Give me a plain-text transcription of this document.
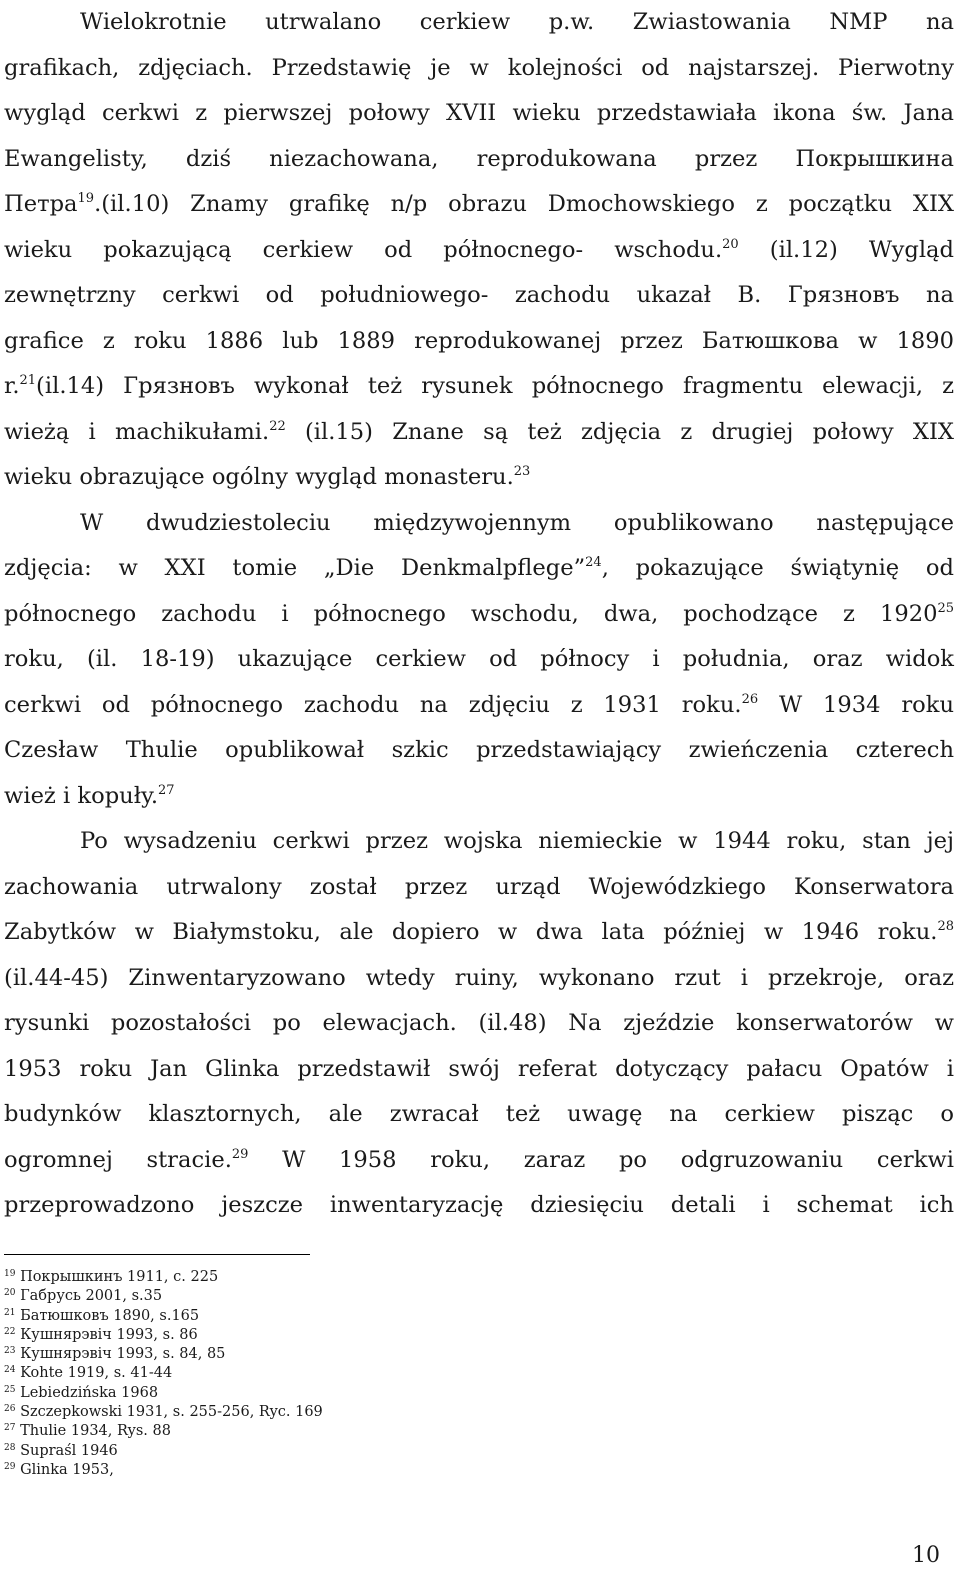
Wielokrotnie utrwalano cerkiew p.w. Zwiastowania NMP na
grafikach, zdjęciach. Przedstawię je w kolejności od najstarszej. Pierwotny
wygląd cerkwi z pierwszej połowy XVII wieku przedstawiała ikona św. Jana
Ewangelisty, dziś niezachowana, reprodukowana przez Покрышкина
Петра$^{19}$.(il.10) Znamy grafikę n/p obrazu Dmochowskiego z początku XIX
wieku pokazującą cerkiew od północnego- wschodu.$^{20}$ (il.12) Wygląd
zewnętrzny cerkwi od południowego- zachodu ukazał В. Грязновъ na
grafice z roku 1886 lub 1889 reprodukowanej przez Батюшкова w 1890
r.$^{21}$(il.14) Грязновъ wykonał też rysunek północnego fragmentu elewacji, z
wieżą i machikułami.$^{22}$ (il.15) Znane są też zdjęcia z drugiej połowy XIX
wieku obrazujące ogólny wygląd monasteru.$^{23}$
W dwudziestoleciu międzywojennym opublikowano następujące
zdjęcia: w XXI tomie „Die Denkmalpflege”$^{24}$, pokazujące świątynię od
północnego zachodu i północnego wschodu, dwa, pochodzące z 1920$^{25}$
roku, (il. 18-19) ukazujące cerkiew od północy i południa, oraz widok
cerkwi od północnego zachodu na zdjęciu z 1931 roku.$^{26}$ W 1934 roku
Czesław Thulie opublikował szkic przedstawiający zwieńczenia czterech
wież i kopuły.$^{27}$
Po wysadzeniu cerkwi przez wojska niemieckie w 1944 roku, stan jej
zachowania utrwalony został przez urząd Wojewódzkiego Konserwatora
Zabytków w Białymstoku, ale dopiero w dwa lata później w 1946 roku.$^{28}$
(il.44-45) Zinwentaryzowano wtedy ruiny, wykonano rzut i przekroje, oraz
rysunki pozostałości po elewacjach. (il.48) Na zjeździe konserwatorów w
1953 roku Jan Glinka przedstawił swój referat dotyczący pałacu Opatów i
budynków klasztornych, ale zwracał też uwagę na cerkiew pisząc o
ogromnej stracie.$^{29}$ W 1958 roku, zaraz po odgruzowaniu cerkwi
przeprowadzono jeszcze inwentaryzację dziesięciu detali i schemat ich
$^{19}$ Покрышкинъ 1911, c. 225
$^{20}$ Габрусь 2001, s.35
$^{21}$ Батюшковъ 1890, s.165
$^{22}$ Кушнярэвіч 1993, s. 86
$^{23}$ Кушнярэвіч 1993, s. 84, 85
$^{24}$ Kohte 1919, s. 41-44
$^{25}$ Lebiedzińska 1968
$^{26}$ Szczepkowski 1931, s. 255-256, Ryc. 169
$^{27}$ Thulie 1934, Rys. 88
$^{28}$ Supraśl 1946
$^{29}$ Glinka 1953,
10
